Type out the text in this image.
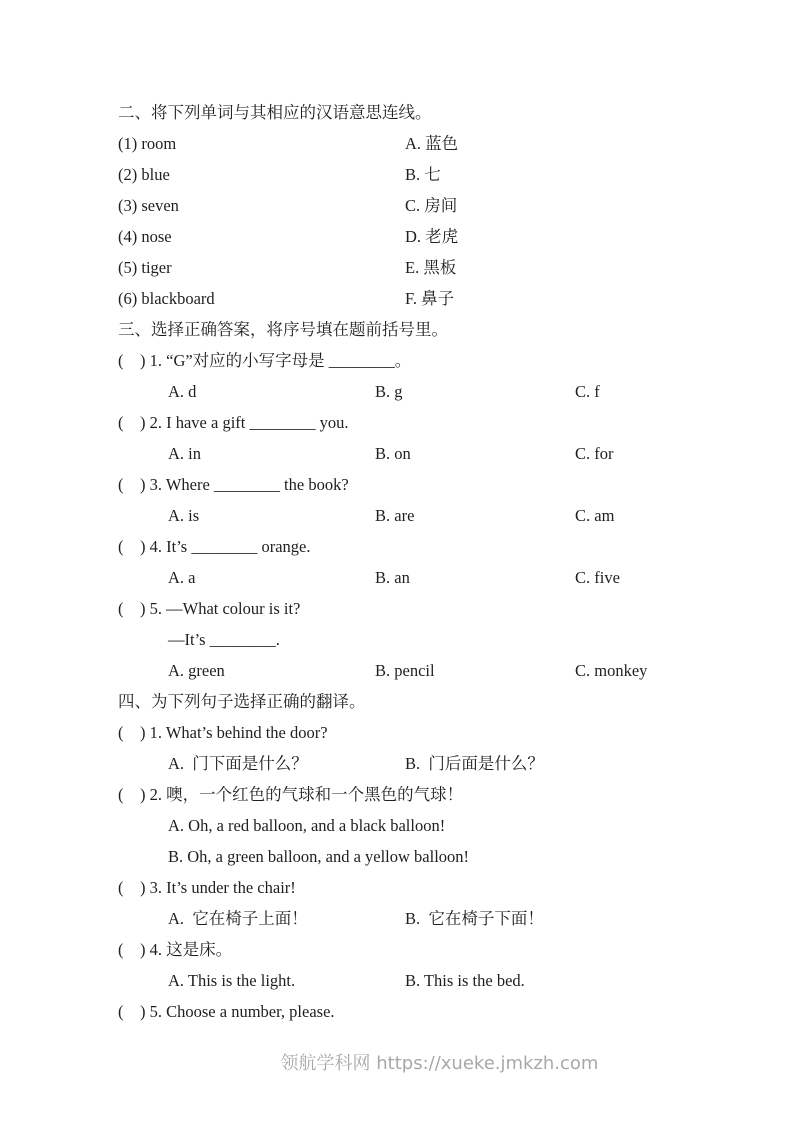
二、将下列单词与其相应的汉语意思连线。
(1) room	A. 蓝色
(2) blue	B. 七
(3) seven	C. 房间
(4) nose	D. 老虎
(5) tiger	E. 黑板
(6) blackboard	F. 鼻子
三、选择正确答案，将序号填在题前括号里。
( ) 1. “G”对应的小写字母是 ________。
A. d	B. g	C. f
( ) 2. I have a gift ________ you.
A. in	B. on	C. for
( ) 3. Where ________ the book?
A. is	B. are	C. am
( ) 4. It’s ________ orange.
A. a	B. an	C. five
( ) 5. —What colour is it?
—It’s ________.
A. green	B. pencil	C. monkey
四、为下列句子选择正确的翻译。
( ) 1. What’s behind the door?
A.  门下面是什么？	B.  门后面是什么？
( ) 2. 噢，一个红色的气球和一个黑色的气球！
A. Oh, a red balloon, and a black balloon!
B. Oh, a green balloon, and a yellow balloon!
( ) 3. It’s under the chair!
A.  它在椅子上面！	B.  它在椅子下面！
( ) 4. 这是床。
A. This is the light.	B. This is the bed.
( ) 5. Choose a number, please.
领航学科网 https://xueke.jmkzh.com
